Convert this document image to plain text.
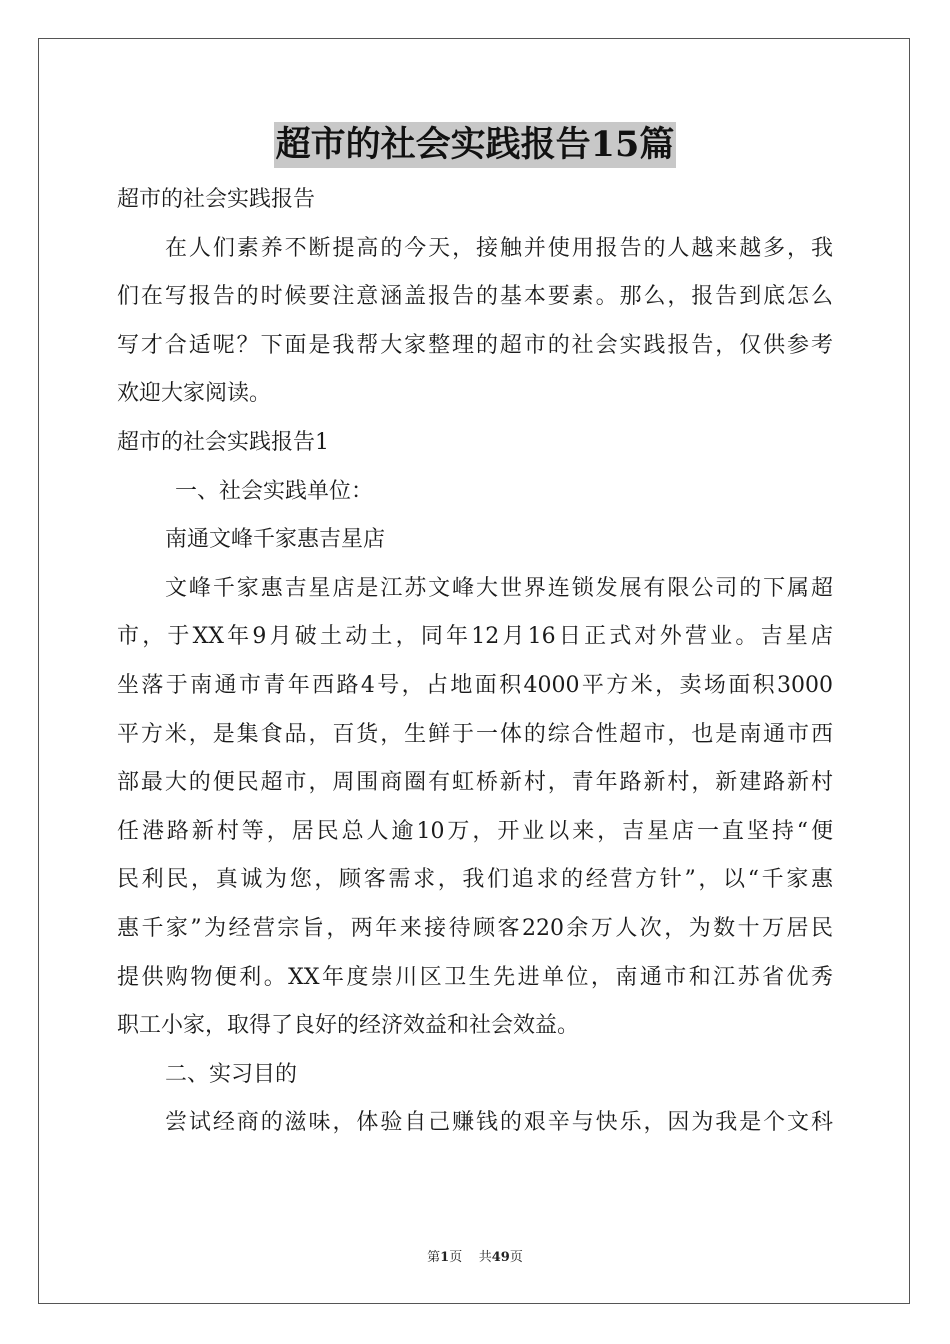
超市的社会实践报告15篇
超市的社会实践报告
在人们素养不断提高的今天，接触并使用报告的人越来越多，我
们在写报告的时候要注意涵盖报告的基本要素。那么，报告到底怎么
写才合适呢？下面是我帮大家整理的超市的社会实践报告，仅供参考
欢迎大家阅读。
超市的社会实践报告1
一、社会实践单位：
南通文峰千家惠吉星店
文峰千家惠吉星店是江苏文峰大世界连锁发展有限公司的下属超
市，于XX年9月破土动土，同年12月16日正式对外营业。吉星店
坐落于南通市青年西路4号，占地面积4000平方米，卖场面积3000
平方米，是集食品，百货，生鲜于一体的综合性超市，也是南通市西
部最大的便民超市，周围商圈有虹桥新村，青年路新村，新建路新村
任港路新村等，居民总人逾10万，开业以来，吉星店一直坚持“便
民利民，真诚为您，顾客需求，我们追求的经营方针”，以“千家惠
惠千家”为经营宗旨，两年来接待顾客220余万人次，为数十万居民
提供购物便利。XX年度崇川区卫生先进单位，南通市和江苏省优秀
职工小家，取得了良好的经济效益和社会效益。
二、实习目的
尝试经商的滋味，体验自己赚钱的艰辛与快乐，因为我是个文科
第1页 共49页
